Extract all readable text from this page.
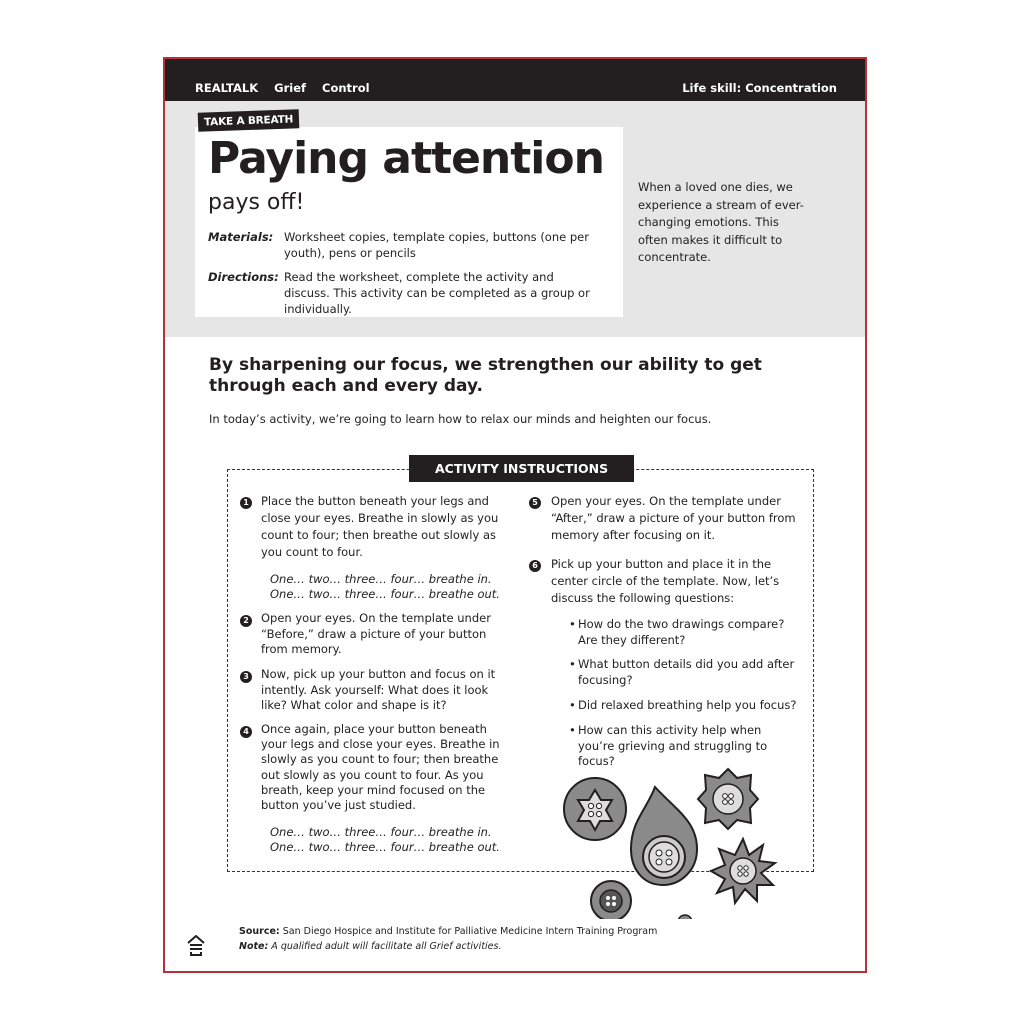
REALTALK Grief Control	Life skill: Concentration
TAKE A BREATH
Paying attention
pays off!
Materials: Worksheet copies, template copies, buttons (one per youth), pens or pencils
Directions: Read the worksheet, complete the activity and discuss. This activity can be completed as a group or individually.
When a loved one dies, we experience a stream of ever-changing emotions. This often makes it difficult to concentrate.
By sharpening our focus, we strengthen our ability to get through each and every day.
In today’s activity, we’re going to learn how to relax our minds and heighten our focus.
ACTIVITY INSTRUCTIONS
1 Place the button beneath your legs and close your eyes. Breathe in slowly as you count to four; then breathe out slowly as you count to four.
One… two… three… four… breathe in.
One… two… three… four… breathe out.
2 Open your eyes. On the template under “Before,” draw a picture of your button from memory.
3 Now, pick up your button and focus on it intently. Ask yourself: What does it look like? What color and shape is it?
4 Once again, place your button beneath your legs and close your eyes. Breathe in slowly as you count to four; then breathe out slowly as you count to four. As you breath, keep your mind focused on the button you’ve just studied.
One… two… three… four… breathe in.
One… two… three… four… breathe out.
5 Open your eyes. On the template under “After,” draw a picture of your button from memory after focusing on it.
6 Pick up your button and place it in the center circle of the template. Now, let’s discuss the following questions:
• How do the two drawings compare? Are they different?
• What button details did you add after focusing?
• Did relaxed breathing help you focus?
• How can this activity help when you’re grieving and struggling to focus?
Source: San Diego Hospice and Institute for Palliative Medicine Intern Training Program
Note: A qualified adult will facilitate all Grief activities.
